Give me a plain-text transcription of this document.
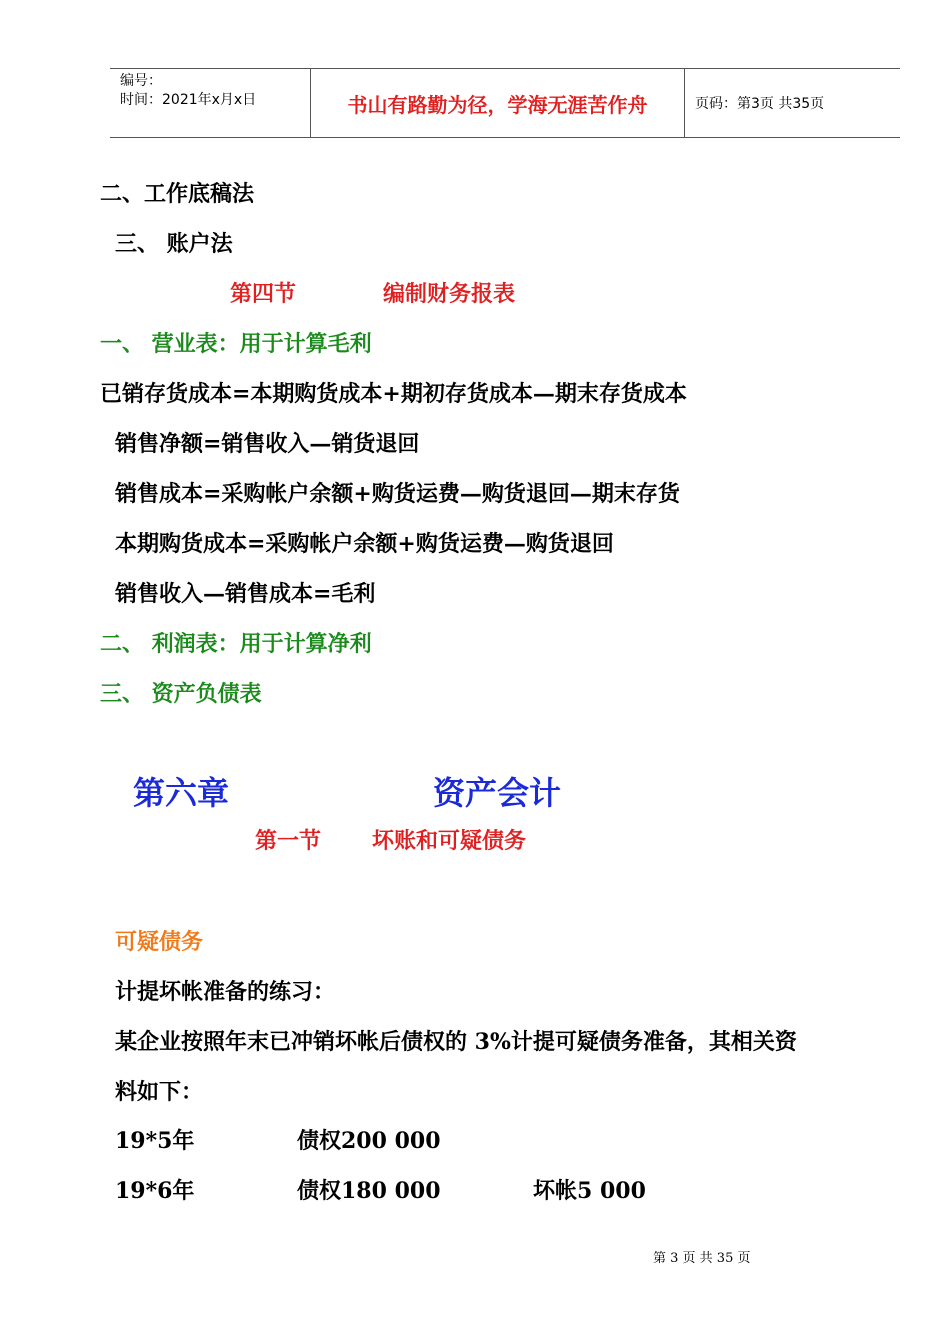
编号：
时间：2021年x月x日	书山有路勤为径，学海无涯苦作舟	页码：第3页 共35页
二、工作底稿法
三、 账户法
第四节	编制财务报表
一、 营业表：用于计算毛利
已销存货成本=本期购货成本+期初存货成本—期末存货成本
销售净额=销售收入—销货退回
销售成本=采购帐户余额+购货运费—购货退回—期末存货
本期购货成本=采购帐户余额+购货运费—购货退回
销售收入—销售成本=毛利
二、 利润表：用于计算净利
三、 资产负债表
第六章	资产会计
第一节 坏账和可疑债务
可疑债务
计提坏帐准备的练习：
某企业按照年末已冲销坏帐后债权的 3%计提可疑债务准备，其相关资
料如下：
19*5年	债权200 000
19*6年	债权180 000	坏帐5 000
第 3 页 共 35 页
